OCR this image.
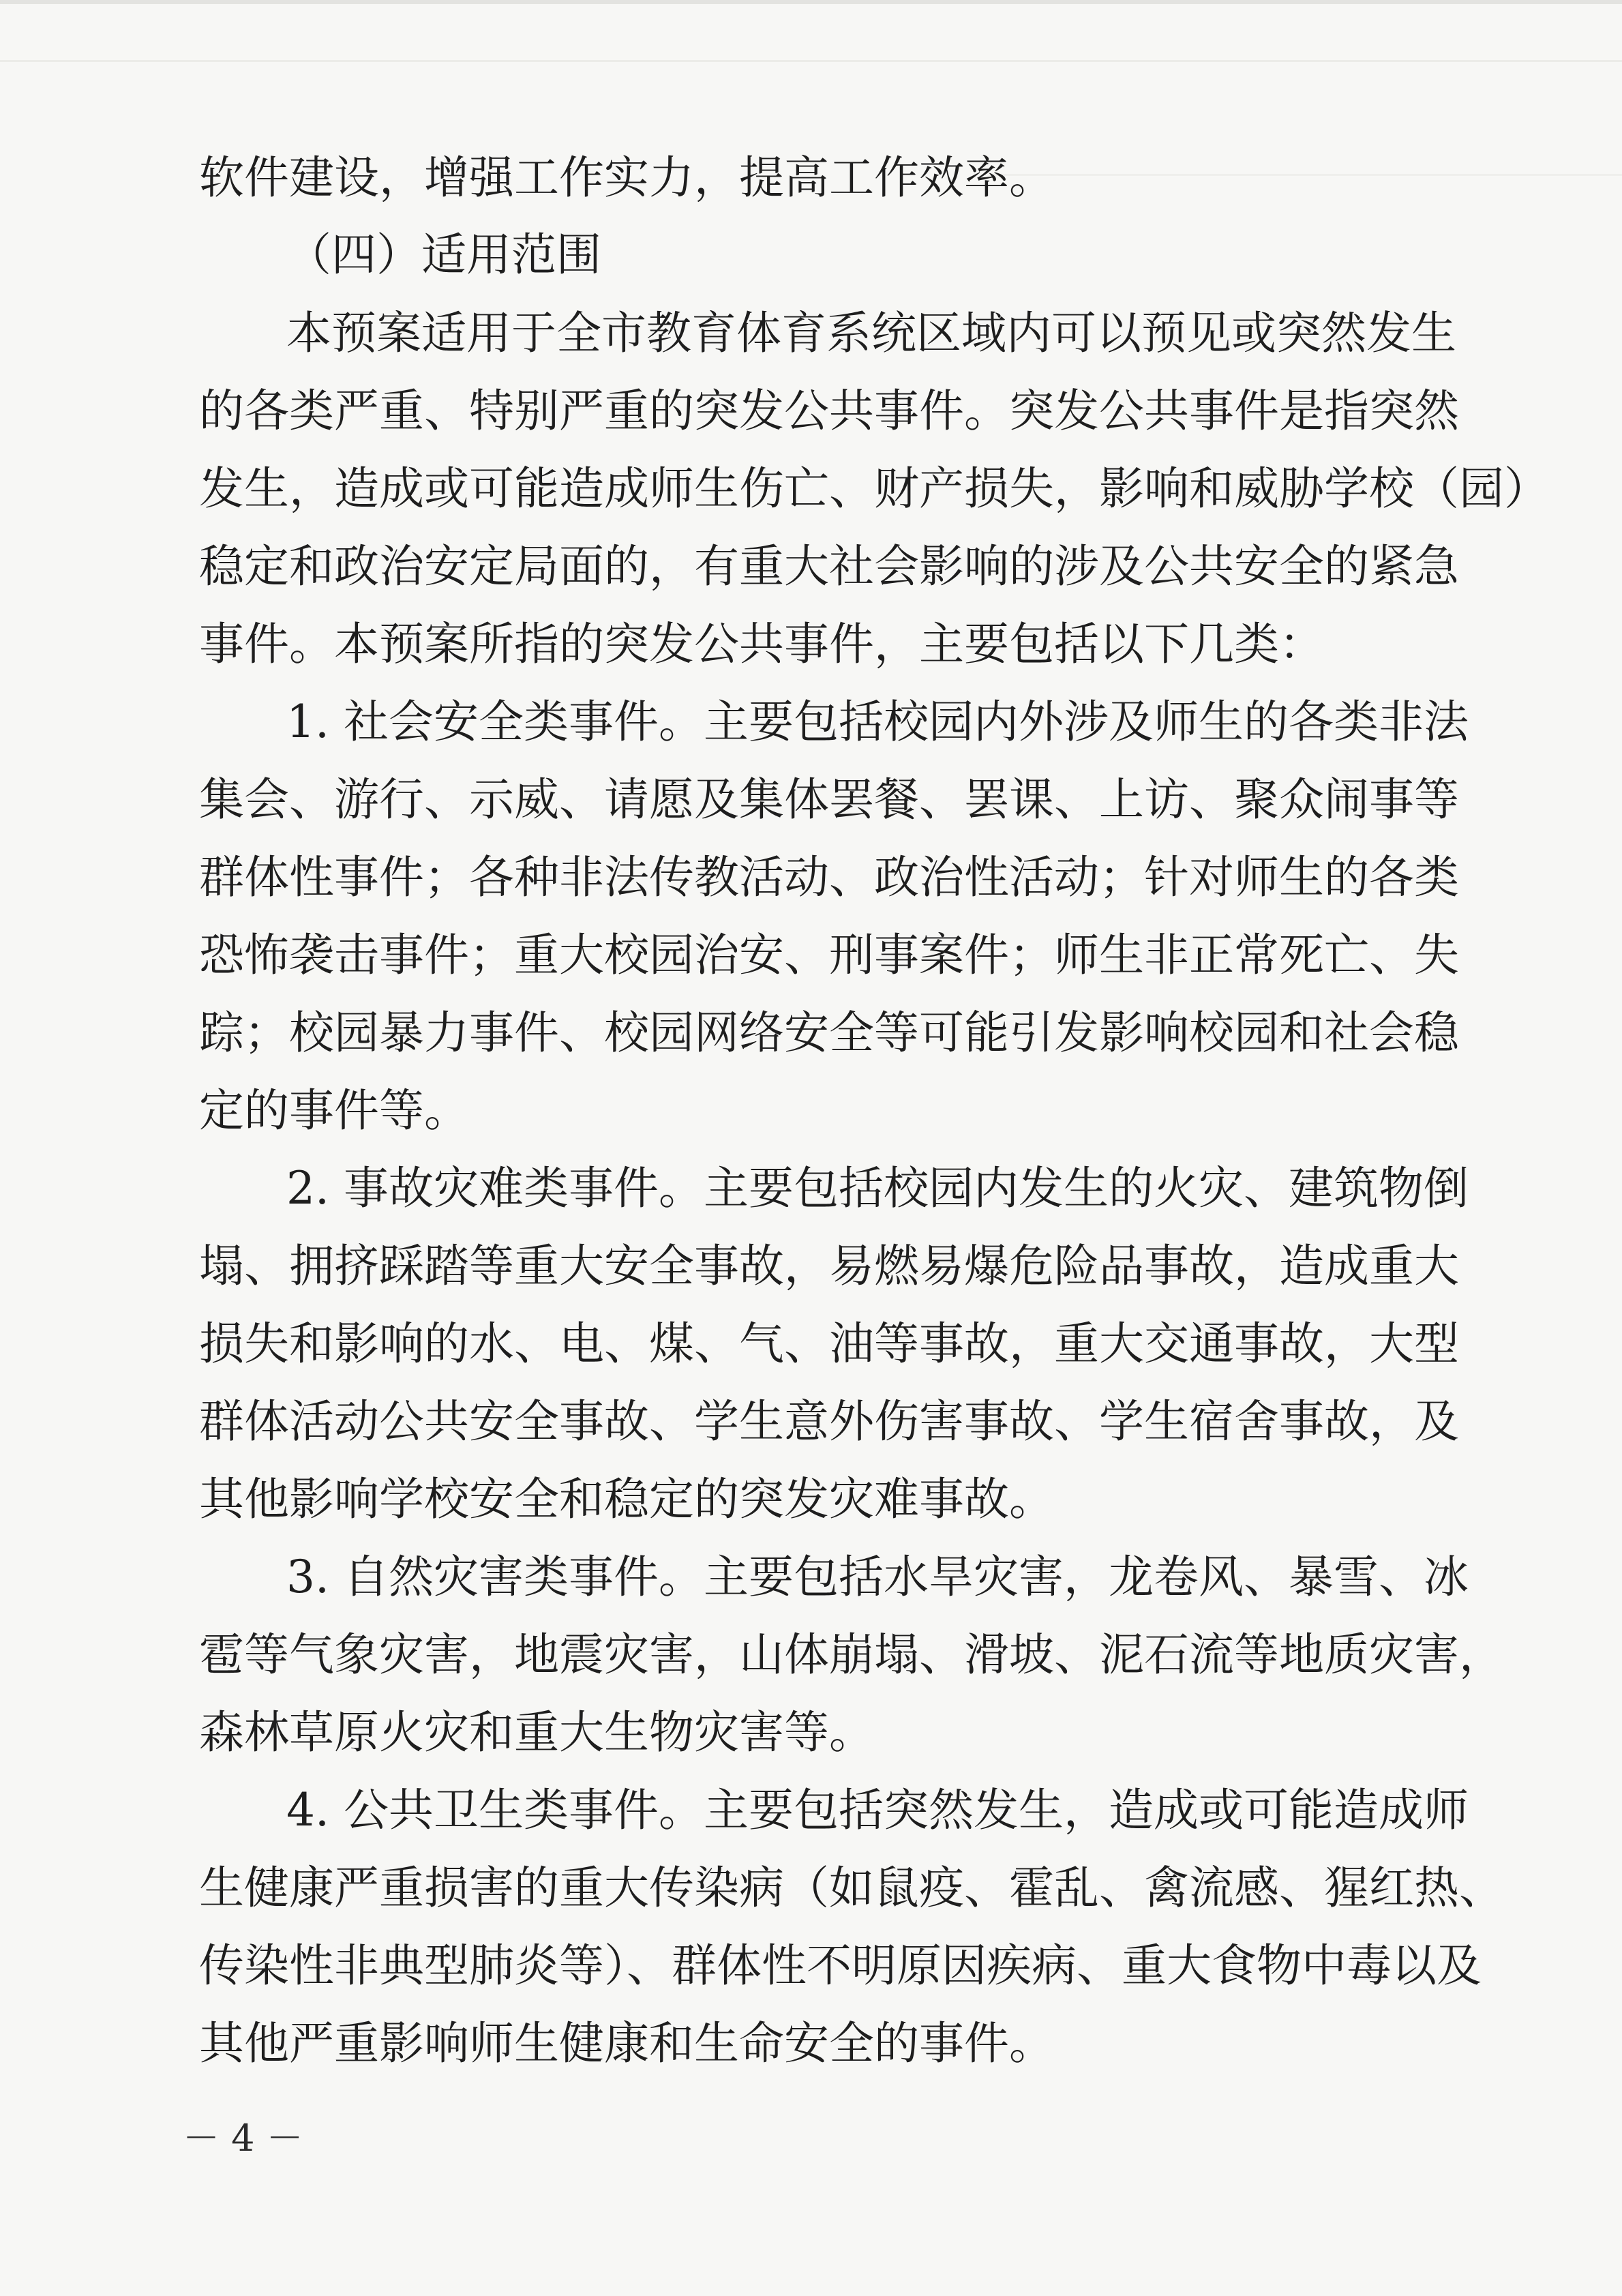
软件建设，增强工作实力，提高工作效率。
（四）适用范围
本预案适用于全市教育体育系统区域内可以预见或突然发生
的各类严重、特别严重的突发公共事件。突发公共事件是指突然
发生，造成或可能造成师生伤亡、财产损失，影响和威胁学校（园）
稳定和政治安定局面的，有重大社会影响的涉及公共安全的紧急
事件。本预案所指的突发公共事件，主要包括以下几类：
1. 社会安全类事件。主要包括校园内外涉及师生的各类非法
集会、游行、示威、请愿及集体罢餐、罢课、上访、聚众闹事等
群体性事件；各种非法传教活动、政治性活动；针对师生的各类
恐怖袭击事件；重大校园治安、刑事案件；师生非正常死亡、失
踪；校园暴力事件、校园网络安全等可能引发影响校园和社会稳
定的事件等。
2. 事故灾难类事件。主要包括校园内发生的火灾、建筑物倒
塌、拥挤踩踏等重大安全事故，易燃易爆危险品事故，造成重大
损失和影响的水、电、煤、气、油等事故，重大交通事故，大型
群体活动公共安全事故、学生意外伤害事故、学生宿舍事故，及
其他影响学校安全和稳定的突发灾难事故。
3. 自然灾害类事件。主要包括水旱灾害，龙卷风、暴雪、冰
雹等气象灾害，地震灾害，山体崩塌、滑坡、泥石流等地质灾害，
森林草原火灾和重大生物灾害等。
4. 公共卫生类事件。主要包括突然发生，造成或可能造成师
生健康严重损害的重大传染病（如鼠疫、霍乱、禽流感、猩红热、
传染性非典型肺炎等）、群体性不明原因疾病、重大食物中毒以及
其他严重影响师生健康和生命安全的事件。
－ 4 －
